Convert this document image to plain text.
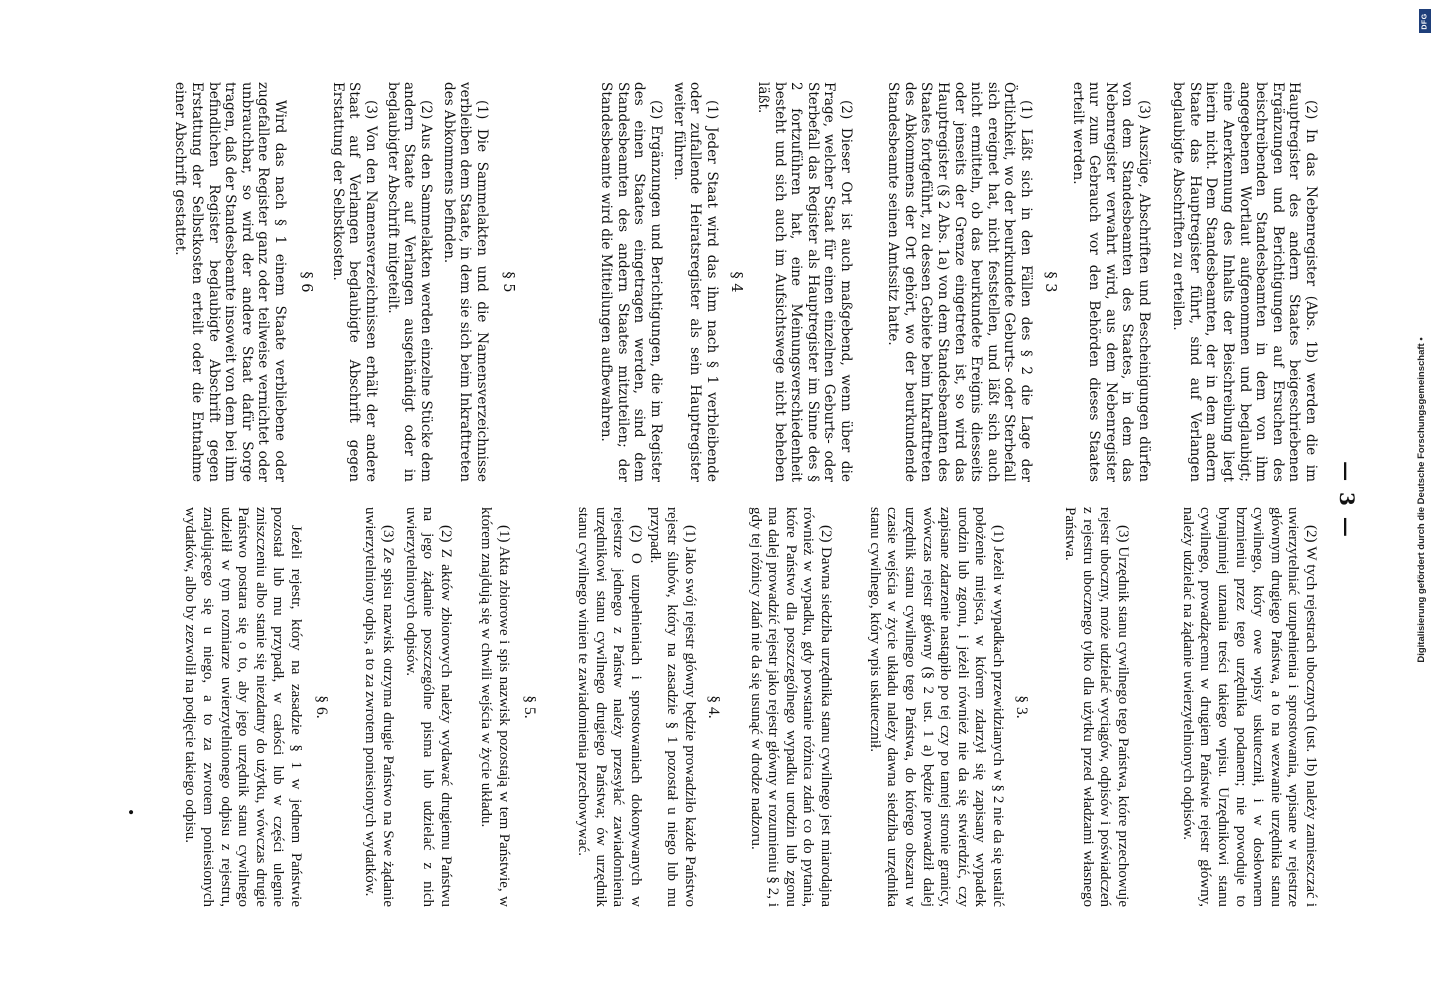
— 3 —

(2) In das Nebenregister (Abs. 1b) werden die im Hauptregister des andern Staates beigeschriebenen Ergänzungen und Berichtigungen auf Ersuchen des beischreibenden Standesbeamten in dem von ihm angegebenen Wortlaut aufgenommen und beglaubigt; eine Anerkennung des Inhalts der Beischreibung liegt hierin nicht. Dem Standesbeamten, der in dem andern Staate das Hauptregister führt, sind auf Verlangen beglaubigte Abschriften zu erteilen.

(3) Auszüge, Abschriften und Bescheinigungen dürfen von dem Standesbeamten des Staates, in dem das Nebenregister verwahrt wird, aus dem Nebenregister nur zum Gebrauch vor den Behörden dieses Staates erteilt werden.

§ 3

(1) Läßt sich in den Fällen des § 2 die Lage der Örtlichkeit, wo der beurkundete Geburts- oder Sterbefall sich ereignet hat, nicht feststellen, und läßt sich auch nicht ermitteln, ob das beurkundete Ereignis diesseits oder jenseits der Grenze eingetreten ist, so wird das Hauptregister (§ 2 Abs. 1a) von dem Standesbeamten des Staates fortgeführt, zu dessen Gebiete beim Inkrafttreten des Abkommens der Ort gehört, wo der beurkundende Standesbeamte seinen Amtssitz hatte.

(2) Dieser Ort ist auch maßgebend, wenn über die Frage, welcher Staat für einen einzelnen Geburts- oder Sterbefall das Register als Hauptregister im Sinne des § 2 fortzuführen hat, eine Meinungsverschiedenheit besteht und sich auch im Aufsichtswege nicht beheben läßt.

§ 4

(1) Jeder Staat wird das ihm nach § 1 verbleibende oder zufallende Heiratsregister als sein Hauptregister weiter führen.

(2) Ergänzungen und Berichtigungen, die im Register des einen Staates eingetragen werden, sind dem Standesbeamten des andern Staates mitzuteilen; der Standesbeamte wird die Mitteilungen aufbewahren.

§ 5

(1) Die Sammelakten und die Namensverzeichnisse verbleiben dem Staate, in dem sie sich beim Inkrafttreten des Abkommens befinden.

(2) Aus den Sammelakten werden einzelne Stücke dem andern Staate auf Verlangen ausgehändigt oder in beglaubigter Abschrift mitgeteilt.

(3) Von den Namensverzeichnissen erhält der andere Staat auf Verlangen beglaubigte Abschrift gegen Erstattung der Selbstkosten.

§ 6

Wird das nach § 1 einem Staate verbliebene oder zugefallene Register ganz oder teilweise vernichtet oder unbrauchbar, so wird der andere Staat dafür Sorge tragen, daß der Standesbeamte insoweit von dem bei ihm befindlichen Register beglaubigte Abschrift gegen Erstattung der Selbstkosten erteilt oder die Entnahme einer Abschrift gestattet.

(2) W tych rejestrach ubocznych (ust. 1b) należy zamieszczać i uwierzytelniać uzupełnienia i sprostowania, wpisane w rejestrze głównym drugiego Państwa, a to na wezwanie urzędnika stanu cywilnego, który owe wpisy uskutecznił, i w dosłownem brzmieniu przez tego urzędnika podanem; nie powoduje to bynajmniej uznania treści takiego wpisu. Urzędnikowi stanu cywilnego, prowadzącemu w drugiem Państwie rejestr główny, należy udzielać na żądanie uwierzytelnionych odpisów.

(3) Urzędnik stanu cywilnego tego Państwa, które przechowuje rejestr uboczny, może udzielać wyciągów, odpisów i poświadczeń z rejestru ubocznego tylko dla użytku przed władzami własnego Państwa.

§ 3.

(1) Jeżeli w wypadkach przewidzianych w § 2 nie da się ustalić położenie miejsca, w którem zdarzył się zapisany wypadek urodzin lub zgonu, i jeżeli również nie da się stwierdzić, czy zapisane zdarzenie nastąpiło po tej czy po tamtej stronie granicy, wówczas rejestr główny (§ 2 ust. 1 a) będzie prowadził dalej urzędnik stanu cywilnego tego Państwa, do którego obszaru w czasie wejścia w życie układu należy dawna siedziba urzędnika stanu cywilnego, który wpis uskutecznił.

(2) Dawna siedziba urzędnika stanu cywilnego jest miarodajna również w wypadku, gdy powstanie różnica zdań co do pytania, które Państwo dla poszczególnego wypadku urodzin lub zgonu ma dalej prowadzić rejestr jako rejestr główny w rozumieniu § 2, i gdy tej różnicy zdań nie da się usunąć w drodze nadzoru.

§ 4.

(1) Jako swój rejestr główny będzie prowadziło każde Państwo rejestr ślubów, który na zasadzie § 1 pozostał u niego lub mu przypadł.

(2) O uzupełnieniach i sprostowaniach dokonywanych w rejestrze jednego z Państw należy przesyłać zawiadomienia urzędnikowi stanu cywilnego drugiego Państwa; ów urzędnik stanu cywilnego winien te zawiadomienia przechowywać.

§ 5.

(1) Akta zbiorowe i spis nazwisk pozostają w tem Państwie, w którem znajdują się w chwili wejścia w życie układu.

(2) Z aktów zbiorowych należy wydawać drugiemu Państwu na jego żądanie poszczególne pisma lub udzielać z nich uwierzytelnionych odpisów.

(3) Ze spisu nazwisk otrzyma drugie Państwo na Swe żądanie uwierzytelniony odpis, a to za zwrotem poniesionych wydatków.

§ 6.

Jeżeli rejestr, który na zasadzie § 1 w jednem Państwie pozostał lub mu przypadł, w całości lub w części ulegnie zniszczeniu albo stanie się niezdatny do użytku, wówczas drugie Państwo postara się o to, aby jego urzędnik stanu cywilnego udzielił w tym rozmiarze uwierzytelnionego odpisu z rejestru, znajdującego się u niego, a to za zwrotem poniesionych wydatków, albo by zezwolił na podjęcie takiego odpisu.

•
Digitalisierung gefördert durch die Deutsche Forschungsgemeinschaft •
DFG
